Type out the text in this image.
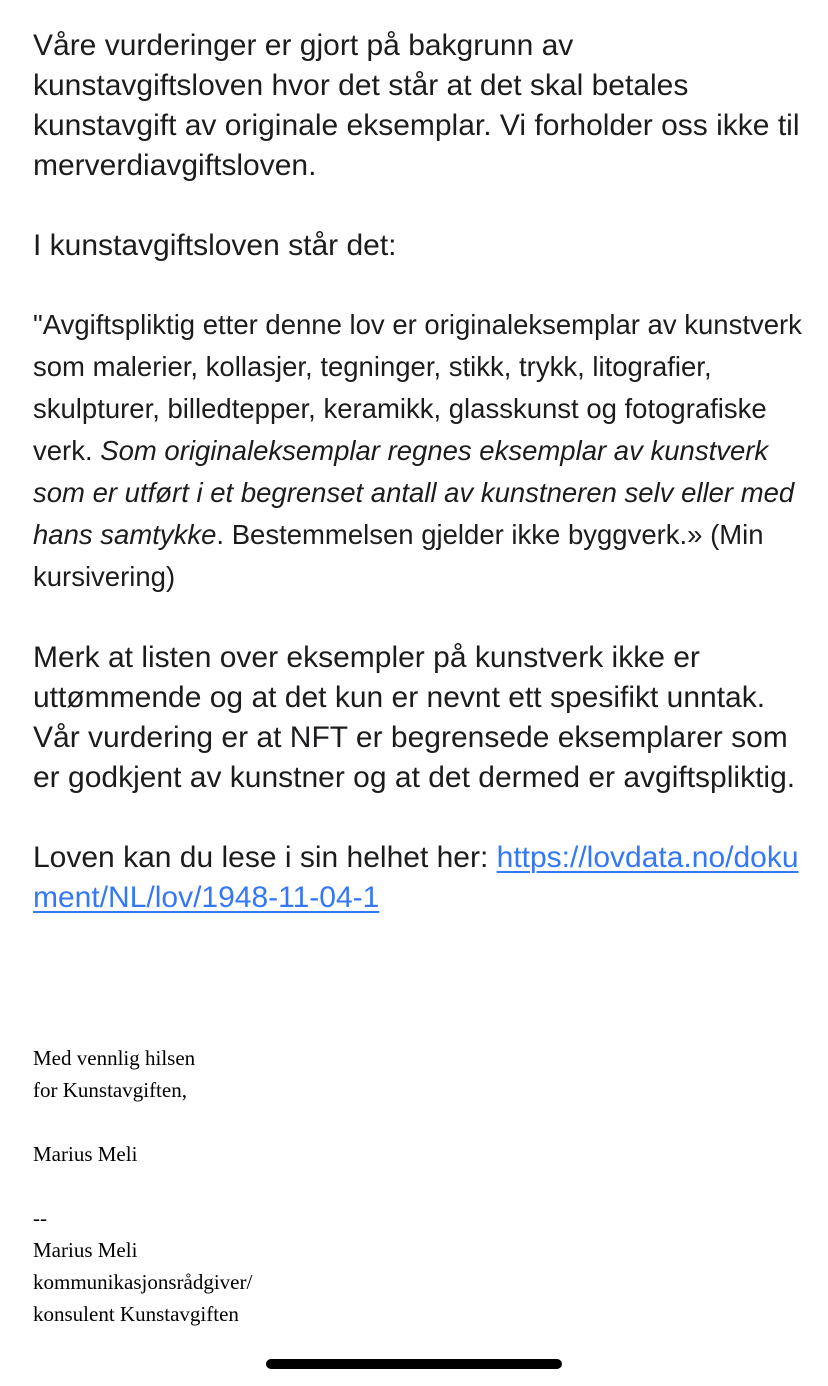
Våre vurderinger er gjort på bakgrunn av kunstavgiftsloven hvor det står at det skal betales kunstavgift av originale eksemplar. Vi forholder oss ikke til merverdiavgiftsloven.

I kunstavgiftsloven står det:

"Avgiftspliktig etter denne lov er originaleksemplar av kunstverk som malerier, kollasjer, tegninger, stikk, trykk, litografier, skulpturer, billedtepper, keramikk, glasskunst og fotografiske verk. Som originaleksemplar regnes eksemplar av kunstverk som er utført i et begrenset antall av kunstneren selv eller med hans samtykke. Bestemmelsen gjelder ikke byggverk.» (Min kursivering)

Merk at listen over eksempler på kunstverk ikke er uttømmende og at det kun er nevnt ett spesifikt unntak. Vår vurdering er at NFT er begrensede eksemplarer som er godkjent av kunstner og at det dermed er avgiftspliktig.

Loven kan du lese i sin helhet her: https://lovdata.no/dokument/NL/lov/1948-11-04-1

Med vennlig hilsen
for Kunstavgiften,
Marius Meli
--
Marius Meli
kommunikasjonsrådgiver/
konsulent Kunstavgiften
